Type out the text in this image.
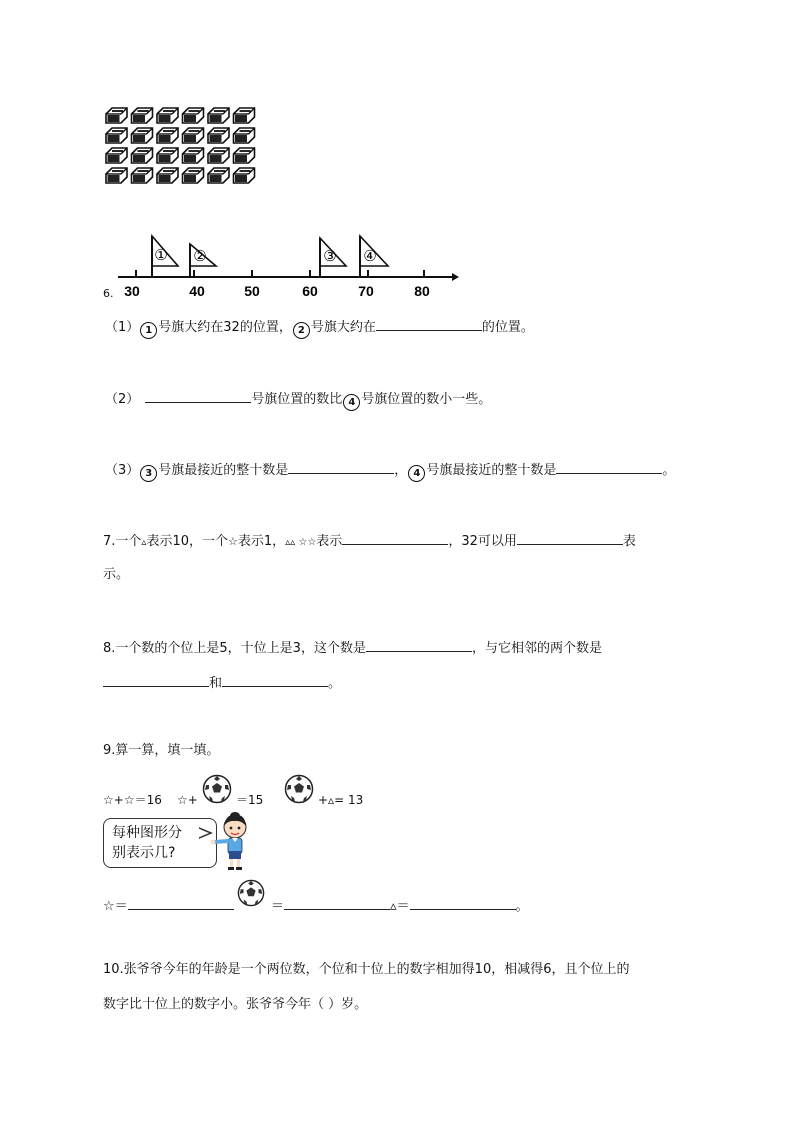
30	40	50	60	70	80
① ②	③ ④
6.
（1） 1 号旗大约在32的位置， 2 号旗大约在	的位置。
（2）	号旗位置的数比 4 号旗位置的数小一些。
（3） 3 号旗最接近的整十数是	， 4 号旗最接近的整十数是	。
7.一个▵表示10，一个☆表示1，▵▵ ☆☆表示	，32可以用	表
示。
8.一个数的个位上是5，十位上是3，这个数是	，与它相邻的两个数是
和	。
9.算一算，填一填。
☆+☆＝16 ☆+	＝15	+▵= 13
每种图形分
别表示几?
☆＝	＝	▵＝	。
10.张爷爷今年的年龄是一个两位数，个位和十位上的数字相加得10，相减得6，且个位上的
数字比十位上的数字小。张爷爷今年（ ）岁。
